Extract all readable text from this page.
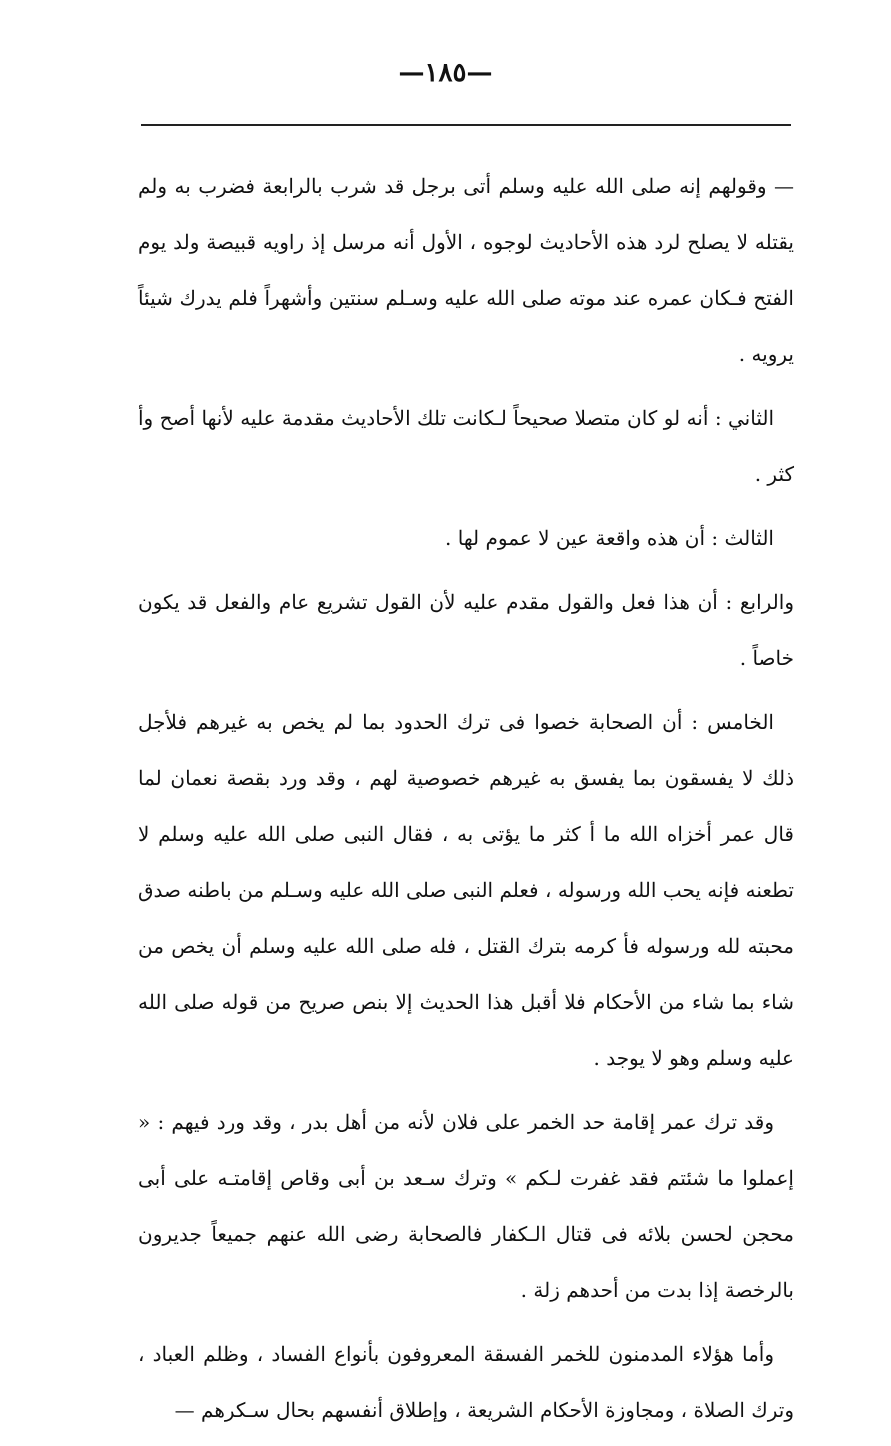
—١٨٥—

— وقولهم إنه صلى الله عليه وسلم أتى برجل قد شرب بالرابعة فضرب به ولم يقتله لا يصلح لرد هذه الأحاديث لوجوه ، الأول أنه مرسل إذ راويه قبيصة ولد يوم الفتح فـكان عمره عند موته صلى الله عليه وسـلم سنتين وأشهراً فلم يدرك شيئاً يرويه .

الثاني : أنه لو كان متصلا صحيحاً لـكانت تلك الأحاديث مقدمة عليه لأنها أصح وأ كثر .

الثالث : أن هذه واقعة عين لا عموم لها .

والرابع : أن هذا فعل والقول مقدم عليه لأن القول تشريع عام والفعل قد يكون خاصاً .

الخامس : أن الصحابة خصوا فى ترك الحدود بما لم يخص به غيرهم فلأجل ذلك لا يفسقون بما يفسق به غيرهم خصوصية لهم ، وقد ورد بقصة نعمان لما قال عمر أخزاه الله ما أ كثر ما يؤتى به ، فقال النبى صلى الله عليه وسلم لا تطعنه فإنه يحب الله ورسوله ، فعلم النبى صلى الله عليه وسـلم من باطنه صدق محبته لله ورسوله فأ كرمه بترك القتل ، فله صلى الله عليه وسلم أن يخص من شاء بما شاء من الأحكام فلا أقبل هذا الحديث إلا بنص صريح من قوله صلى الله عليه وسلم وهو لا يوجد .

وقد ترك عمر إقامة حد الخمر على فلان لأنه من أهل بدر ، وقد ورد فيهم : « إعملوا ما شئتم فقد غفرت لـكم » وترك سـعد بن أبى وقاص إقامتـه على أبى محجن لحسن بلائه فى قتال الـكفار فالصحابة رضى الله عنهم جميعاً جديرون بالرخصة إذا بدت من أحدهم زلة .

وأما هؤلاء المدمنون للخمر الفسقة المعروفون بأنواع الفساد ، وظلم العباد ، وترك الصلاة ، ومجاوزة الأحكام الشريعة ، وإطلاق أنفسهم بحال سـكرهم —
